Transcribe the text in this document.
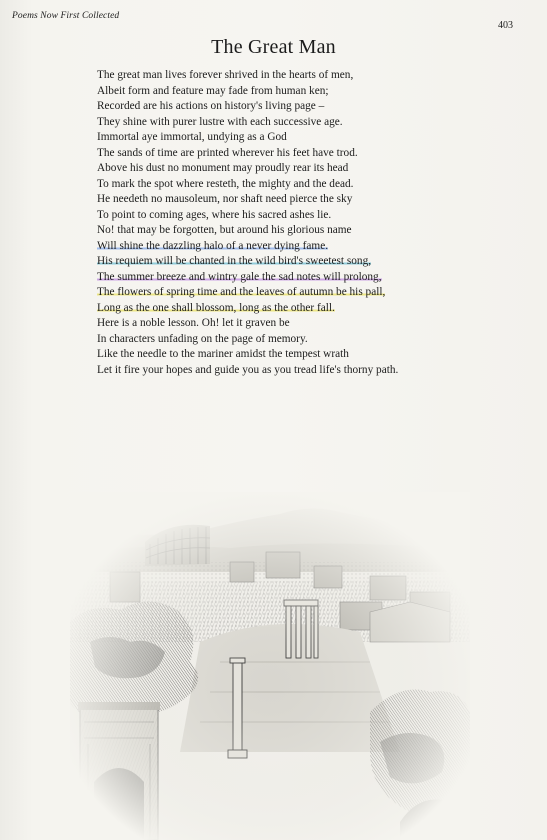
Poems Now First Collected
403

The Great Man
The great man lives forever shrived in the hearts of men,
Albeit form and feature may fade from human ken;
Recorded are his actions on history's living page –
They shine with purer lustre with each successive age.
Immortal aye immortal, undying as a God
The sands of time are printed wherever his feet have trod.
Above his dust no monument may proudly rear its head
To mark the spot where resteth, the mighty and the dead.
He needeth no mausoleum, nor shaft need pierce the sky
To point to coming ages, where his sacred ashes lie.
No! that may be forgotten, but around his glorious name
Will shine the dazzling halo of a never dying fame.
His requiem will be chanted in the wild bird's sweetest song,
The summer breeze and wintry gale the sad notes will prolong,
The flowers of spring time and the leaves of autumn be his pall,
Long as the one shall blossom, long as the other fall.
Here is a noble lesson. Oh! let it graven be
In characters unfading on the page of memory.
Like the needle to the mariner amidst the tempest wrath
Let it fire your hopes and guide you as you tread life's thorny path.
